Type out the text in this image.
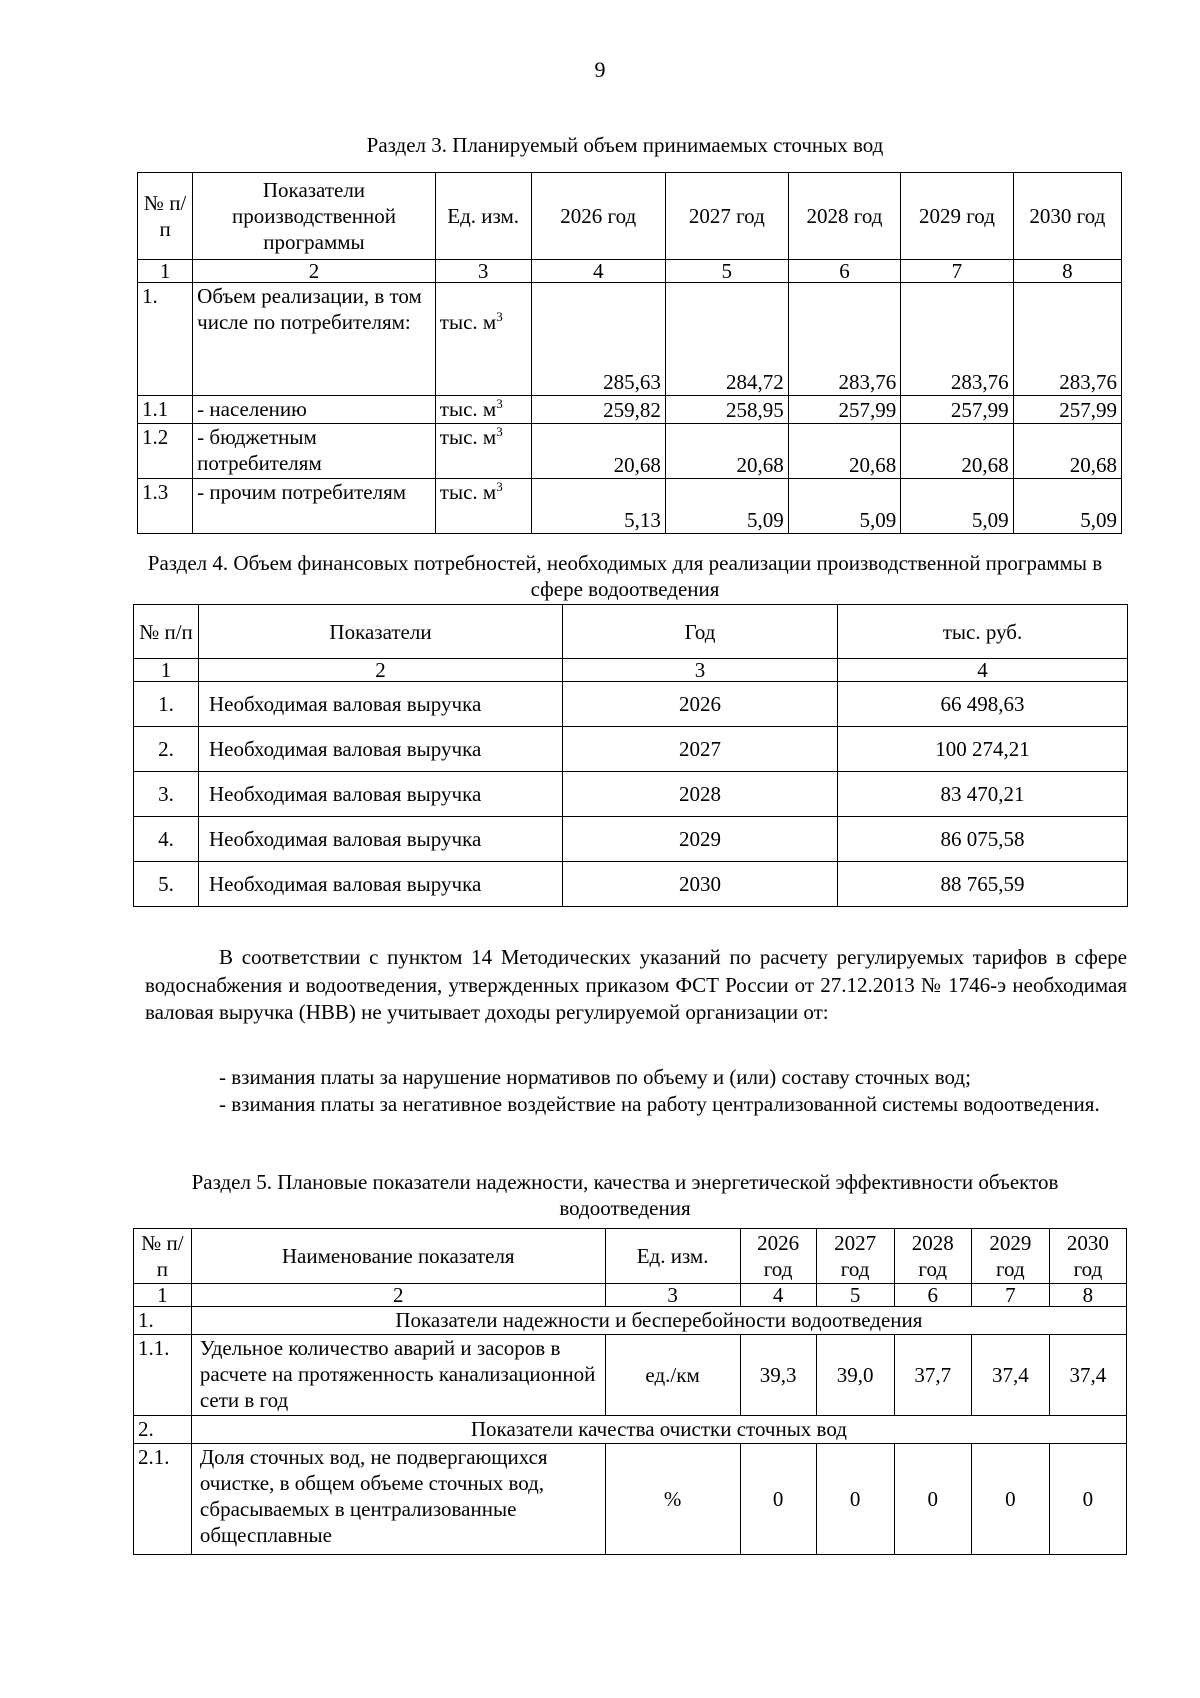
9
Раздел 3. Планируемый объем принимаемых сточных вод
№ п/п	Показатели производственной программы	Ед. изм.	2026 год	2027 год	2028 год	2029 год	2030 год
1	2	3	4	5	6	7	8
1.	Объем реализации, в том числе по потребителям:	тыс. $м^3$	285,63	284,72	283,76	283,76	283,76
1.1	- населению	тыс. $м^3$	259,82	258,95	257,99	257,99	257,99
1.2	- бюджетным потребителям	тыс. $м^3$	20,68	20,68	20,68	20,68	20,68
1.3	- прочим потребителям	тыс. $м^3$	5,13	5,09	5,09	5,09	5,09
Раздел 4. Объем финансовых потребностей, необходимых для реализации производственной программы в сфере водоотведения
№ п/п	Показатели	Год	тыс. руб.
1	2	3	4
1.	Необходимая валовая выручка	2026	66 498,63
2.	Необходимая валовая выручка	2027	100 274,21
3.	Необходимая валовая выручка	2028	83 470,21
4.	Необходимая валовая выручка	2029	86 075,58
5.	Необходимая валовая выручка	2030	88 765,59
В соответствии с пунктом 14 Методических указаний по расчету регулируемых тарифов в сфере водоснабжения и водоотведения, утвержденных приказом ФСТ России от 27.12.2013 № 1746-э необходимая валовая выручка (НВВ) не учитывает доходы регулируемой организации от:
- взимания платы за нарушение нормативов по объему и (или) составу сточных вод;
- взимания платы за негативное воздействие на работу централизованной системы водоотведения.
Раздел 5. Плановые показатели надежности, качества и энергетической эффективности объектов водоотведения
№ п/п	Наименование показателя	Ед. изм.	2026 год	2027 год	2028 год	2029 год	2030 год
1	2	3	4	5	6	7	8
1.	Показатели надежности и бесперебойности водоотведения						
1.1.	Удельное количество аварий и засоров в расчете на протяженность канализационной сети в год	ед./км	39,3	39,0	37,7	37,4	37,4
2.	Показатели качества очистки сточных вод						
2.1.	Доля сточных вод, не подвергающихся очистке, в общем объеме сточных вод, сбрасываемых в централизованные общесплавные	%	0	0	0	0	0
